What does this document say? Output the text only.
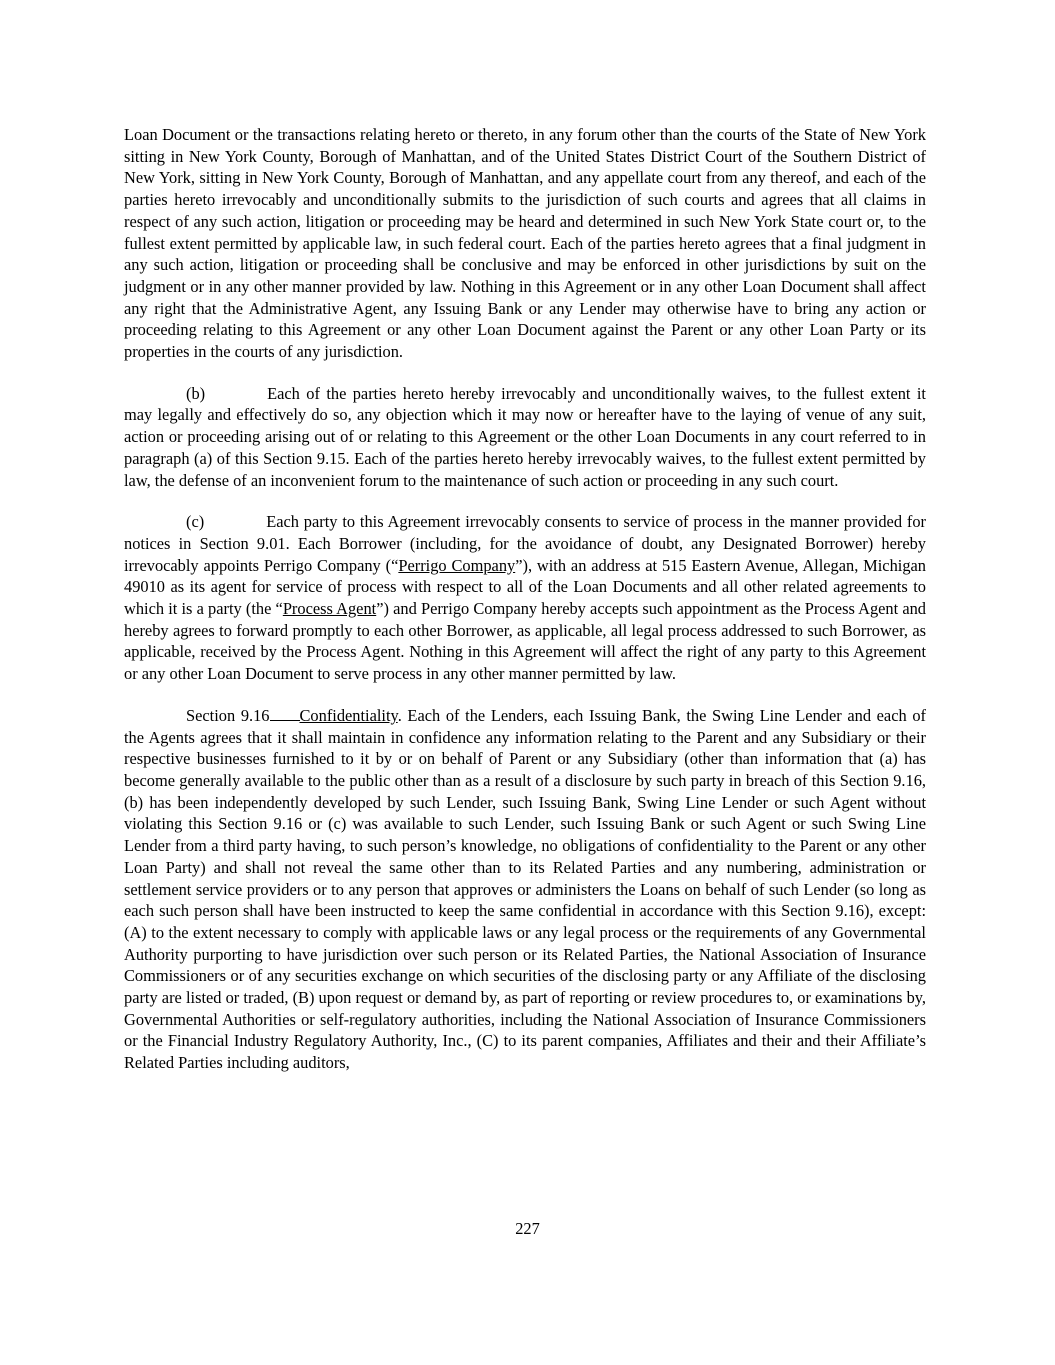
Loan Document or the transactions relating hereto or thereto, in any forum other than the courts of the State of New York sitting in New York County, Borough of Manhattan, and of the United States District Court of the Southern District of New York, sitting in New York County, Borough of Manhattan, and any appellate court from any thereof, and each of the parties hereto irrevocably and unconditionally submits to the jurisdiction of such courts and agrees that all claims in respect of any such action, litigation or proceeding may be heard and determined in such New York State court or, to the fullest extent permitted by applicable law, in such federal court. Each of the parties hereto agrees that a final judgment in any such action, litigation or proceeding shall be conclusive and may be enforced in other jurisdictions by suit on the judgment or in any other manner provided by law. Nothing in this Agreement or in any other Loan Document shall affect any right that the Administrative Agent, any Issuing Bank or any Lender may otherwise have to bring any action or proceeding relating to this Agreement or any other Loan Document against the Parent or any other Loan Party or its properties in the courts of any jurisdiction.

(b)	Each of the parties hereto hereby irrevocably and unconditionally waives, to the fullest extent it may legally and effectively do so, any objection which it may now or hereafter have to the laying of venue of any suit, action or proceeding arising out of or relating to this Agreement or the other Loan Documents in any court referred to in paragraph (a) of this Section 9.15. Each of the parties hereto hereby irrevocably waives, to the fullest extent permitted by law, the defense of an inconvenient forum to the maintenance of such action or proceeding in any such court.

(c)	Each party to this Agreement irrevocably consents to service of process in the manner provided for notices in Section 9.01. Each Borrower (including, for the avoidance of doubt, any Designated Borrower) hereby irrevocably appoints Perrigo Company (“Perrigo Company”), with an address at 515 Eastern Avenue, Allegan, Michigan 49010 as its agent for service of process with respect to all of the Loan Documents and all other related agreements to which it is a party (the “Process Agent”) and Perrigo Company hereby accepts such appointment as the Process Agent and hereby agrees to forward promptly to each other Borrower, as applicable, all legal process addressed to such Borrower, as applicable, received by the Process Agent. Nothing in this Agreement will affect the right of any party to this Agreement or any other Loan Document to serve process in any other manner permitted by law.

Section 9.16 Confidentiality. Each of the Lenders, each Issuing Bank, the Swing Line Lender and each of the Agents agrees that it shall maintain in confidence any information relating to the Parent and any Subsidiary or their respective businesses furnished to it by or on behalf of Parent or any Subsidiary (other than information that (a) has become generally available to the public other than as a result of a disclosure by such party in breach of this Section 9.16, (b) has been independently developed by such Lender, such Issuing Bank, Swing Line Lender or such Agent without violating this Section 9.16 or (c) was available to such Lender, such Issuing Bank or such Agent or such Swing Line Lender from a third party having, to such person’s knowledge, no obligations of confidentiality to the Parent or any other Loan Party) and shall not reveal the same other than to its Related Parties and any numbering, administration or settlement service providers or to any person that approves or administers the Loans on behalf of such Lender (so long as each such person shall have been instructed to keep the same confidential in accordance with this Section 9.16), except: (A) to the extent necessary to comply with applicable laws or any legal process or the requirements of any Governmental Authority purporting to have jurisdiction over such person or its Related Parties, the National Association of Insurance Commissioners or of any securities exchange on which securities of the disclosing party or any Affiliate of the disclosing party are listed or traded, (B) upon request or demand by, as part of reporting or review procedures to, or examinations by, Governmental Authorities or self-regulatory authorities, including the National Association of Insurance Commissioners or the Financial Industry Regulatory Authority, Inc., (C) to its parent companies, Affiliates and their and their Affiliate’s Related Parties including auditors,

227
